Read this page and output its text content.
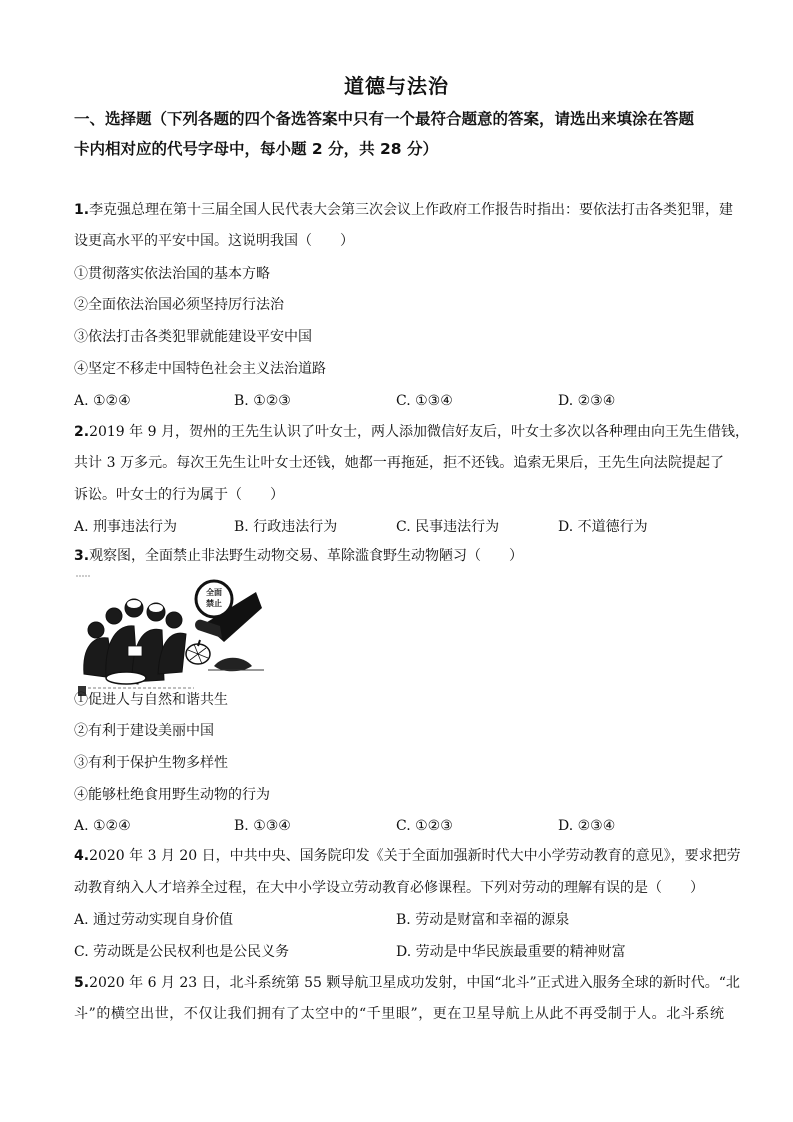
道德与法治
一、选择题（下列各题的四个备选答案中只有一个最符合题意的答案，请选出来填涂在答题
卡内相对应的代号字母中，每小题 2 分，共 28 分）
1.李克强总理在第十三届全国人民代表大会第三次会议上作政府工作报告时指出：要依法打击各类犯罪，建
设更高水平的平安中国。这说明我国（　　）
①贯彻落实依法治国的基本方略
②全面依法治国必须坚持厉行法治
③依法打击各类犯罪就能建设平安中国
④坚定不移走中国特色社会主义法治道路
A. ①②④	B. ①②③	C. ①③④	D. ②③④
2.2019 年 9 月，贺州的王先生认识了叶女士，两人添加微信好友后，叶女士多次以各种理由向王先生借钱，
共计 3 万多元。每次王先生让叶女士还钱，她都一再拖延，拒不还钱。追索无果后，王先生向法院提起了
诉讼。叶女士的行为属于（　　）
A. 刑事违法行为	B. 行政违法行为	C. 民事违法行为	D. 不道德行为
3.观察图，全面禁止非法野生动物交易、革除滥食野生动物陋习（　　）
全面
禁止
①促进人与自然和谐共生
②有利于建设美丽中国
③有利于保护生物多样性
④能够杜绝食用野生动物的行为
A. ①②④	B. ①③④	C. ①②③	D. ②③④
4.2020 年 3 月 20 日，中共中央、国务院印发《关于全面加强新时代大中小学劳动教育的意见》，要求把劳
动教育纳入人才培养全过程，在大中小学设立劳动教育必修课程。下列对劳动的理解有误的是（　　）
A. 通过劳动实现自身价值	B. 劳动是财富和幸福的源泉
C. 劳动既是公民权利也是公民义务	D. 劳动是中华民族最重要的精神财富
5.2020 年 6 月 23 日，北斗系统第 55 颗导航卫星成功发射，中国“北斗”正式进入服务全球的新时代。“北
斗”的横空出世，不仅让我们拥有了太空中的“千里眼”，更在卫星导航上从此不再受制于人。北斗系统
